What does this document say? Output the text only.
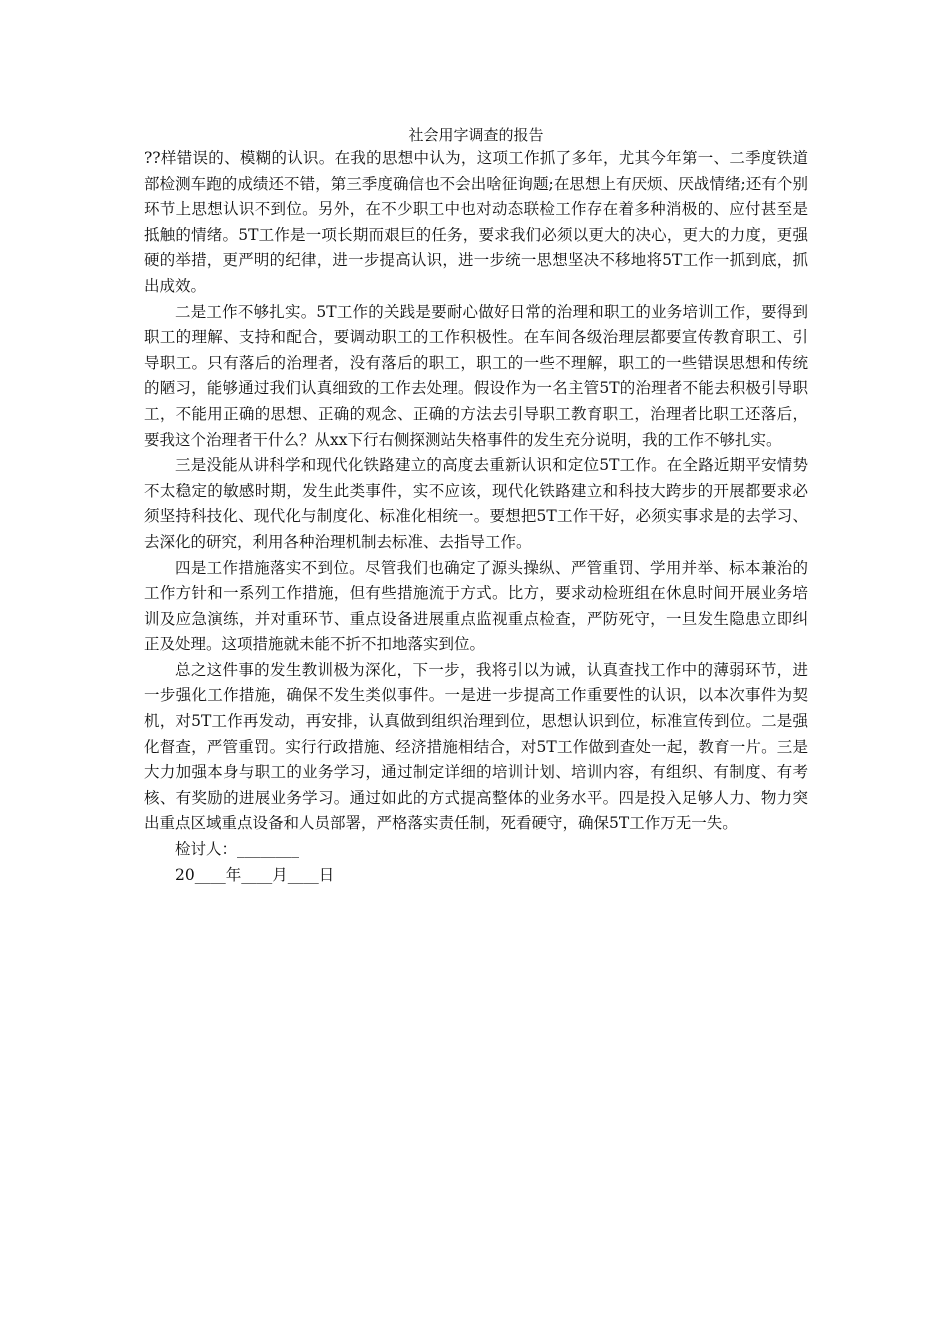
社会用字调查的报告

??样错误的、模糊的认识。在我的思想中认为，这项工作抓了多年，尤其今年第一、二季度铁道部检测车跑的成绩还不错，第三季度确信也不会出啥征询题;在思想上有厌烦、厌战情绪;还有个别环节上思想认识不到位。另外，在不少职工中也对动态联检工作存在着多种消极的、应付甚至是抵触的情绪。5T工作是一项长期而艰巨的任务，要求我们必须以更大的决心，更大的力度，更强硬的举措，更严明的纪律，进一步提高认识，进一步统一思想坚决不移地将5T工作一抓到底，抓出成效。

二是工作不够扎实。5T工作的关践是要耐心做好日常的治理和职工的业务培训工作，要得到职工的理解、支持和配合，要调动职工的工作积极性。在车间各级治理层都要宣传教育职工、引导职工。只有落后的治理者，没有落后的职工，职工的一些不理解，职工的一些错误思想和传统的陋习，能够通过我们认真细致的工作去处理。假设作为一名主管5T的治理者不能去积极引导职工，不能用正确的思想、正确的观念、正确的方法去引导职工教育职工，治理者比职工还落后，要我这个治理者干什么？从xx下行右侧探测站失格事件的发生充分说明，我的工作不够扎实。

三是没能从讲科学和现代化铁路建立的高度去重新认识和定位5T工作。在全路近期平安情势不太稳定的敏感时期，发生此类事件，实不应该，现代化铁路建立和科技大跨步的开展都要求必须坚持科技化、现代化与制度化、标准化相统一。要想把5T工作干好，必须实事求是的去学习、去深化的研究，利用各种治理机制去标准、去指导工作。

四是工作措施落实不到位。尽管我们也确定了源头操纵、严管重罚、学用并举、标本兼治的工作方针和一系列工作措施，但有些措施流于方式。比方，要求动检班组在休息时间开展业务培训及应急演练，并对重环节、重点设备进展重点监视重点检查，严防死守，一旦发生隐患立即纠正及处理。这项措施就未能不折不扣地落实到位。

总之这件事的发生教训极为深化，下一步，我将引以为诫，认真查找工作中的薄弱环节，进一步强化工作措施，确保不发生类似事件。一是进一步提高工作重要性的认识，以本次事件为契机，对5T工作再发动，再安排，认真做到组织治理到位，思想认识到位，标准宣传到位。二是强化督查，严管重罚。实行行政措施、经济措施相结合，对5T工作做到查处一起，教育一片。三是大力加强本身与职工的业务学习，通过制定详细的培训计划、培训内容，有组织、有制度、有考核、有奖励的进展业务学习。通过如此的方式提高整体的业务水平。四是投入足够人力、物力突出重点区域重点设备和人员部署，严格落实责任制，死看硬守，确保5T工作万无一失。

检讨人：________

20____年____月____日
